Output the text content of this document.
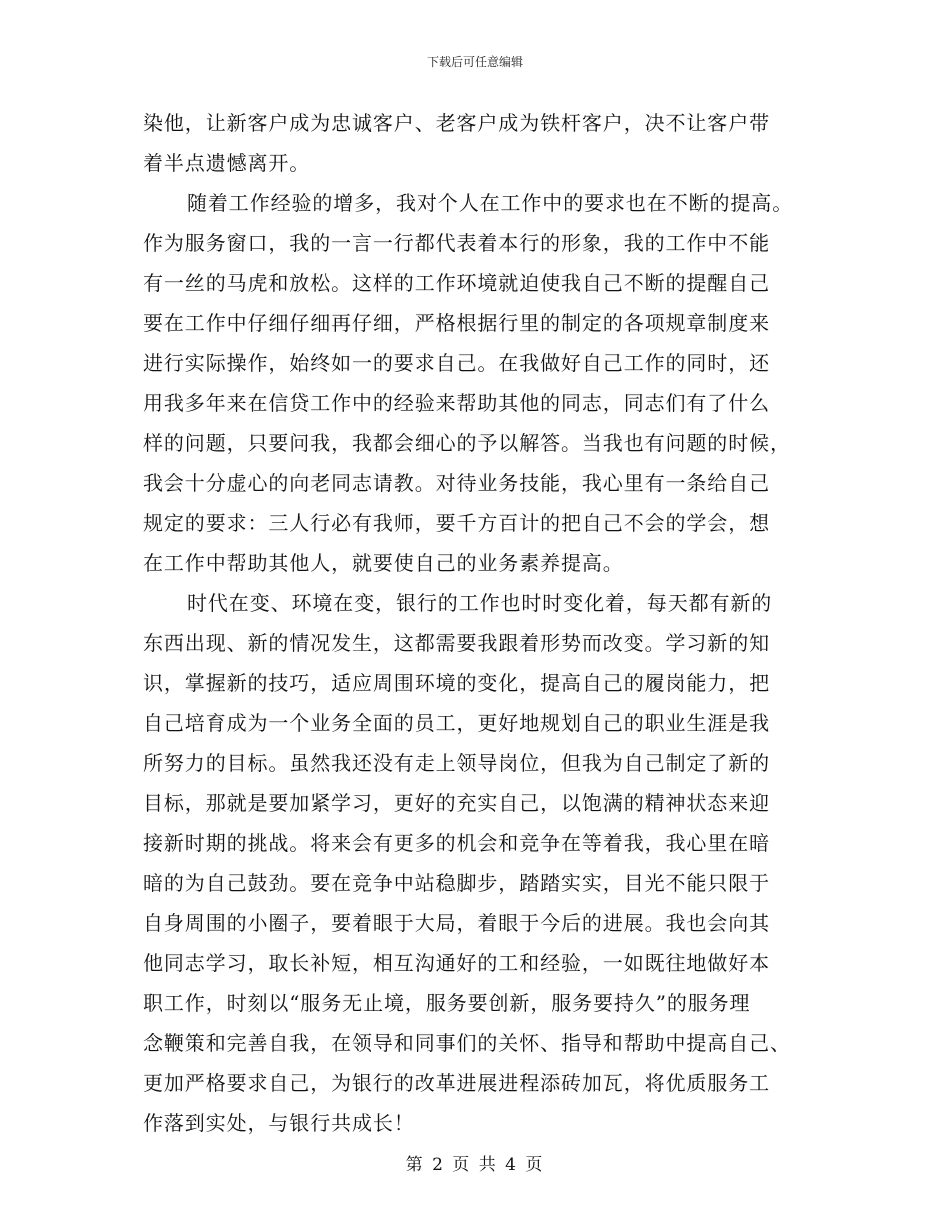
下载后可任意编辑
染他，让新客户成为忠诚客户、老客户成为铁杆客户，决不让客户带
着半点遗憾离开。
随着工作经验的增多，我对个人在工作中的要求也在不断的提高。
作为服务窗口，我的一言一行都代表着本行的形象，我的工作中不能
有一丝的马虎和放松。这样的工作环境就迫使我自己不断的提醒自己
要在工作中仔细仔细再仔细，严格根据行里的制定的各项规章制度来
进行实际操作，始终如一的要求自己。在我做好自己工作的同时，还
用我多年来在信贷工作中的经验来帮助其他的同志，同志们有了什么
样的问题，只要问我，我都会细心的予以解答。当我也有问题的时候，
我会十分虚心的向老同志请教。对待业务技能，我心里有一条给自己
规定的要求：三人行必有我师，要千方百计的把自己不会的学会，想
在工作中帮助其他人，就要使自己的业务素养提高。
时代在变、环境在变，银行的工作也时时变化着，每天都有新的
东西出现、新的情况发生，这都需要我跟着形势而改变。学习新的知
识，掌握新的技巧，适应周围环境的变化，提高自己的履岗能力，把
自己培育成为一个业务全面的员工，更好地规划自己的职业生涯是我
所努力的目标。虽然我还没有走上领导岗位，但我为自己制定了新的
目标，那就是要加紧学习，更好的充实自己，以饱满的精神状态来迎
接新时期的挑战。将来会有更多的机会和竞争在等着我，我心里在暗
暗的为自己鼓劲。要在竞争中站稳脚步，踏踏实实，目光不能只限于
自身周围的小圈子，要着眼于大局，着眼于今后的进展。我也会向其
他同志学习，取长补短，相互沟通好的工和经验，一如既往地做好本
职工作，时刻以“服务无止境，服务要创新，服务要持久”的服务理
念鞭策和完善自我，在领导和同事们的关怀、指导和帮助中提高自己、
更加严格要求自己，为银行的改革进展进程添砖加瓦，将优质服务工
作落到实处，与银行共成长！
第 2 页 共 4 页
